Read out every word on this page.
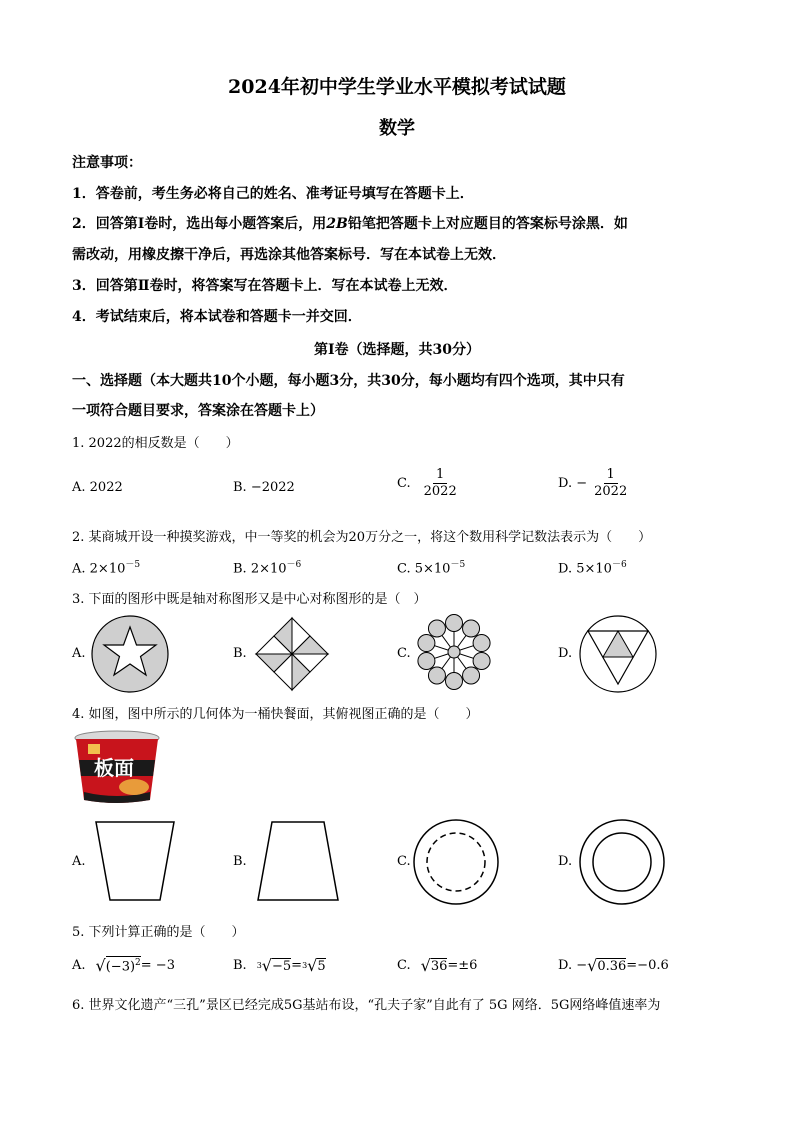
2024年初中学生学业水平模拟考试试题
数学
注意事项：
1．答卷前，考生务必将自己的姓名、准考证号填写在答题卡上．
2．回答第Ⅰ卷时，选出每小题答案后，用2B铅笔把答题卡上对应题目的答案标号涂黑．如
需改动，用橡皮擦干净后，再选涂其他答案标号．写在本试卷上无效．
3．回答第Ⅱ卷时，将答案写在答题卡上．写在本试卷上无效．
4．考试结束后，将本试卷和答题卡一并交回．
第Ⅰ卷（选择题，共30分）
一、选择题（本大题共10个小题，每小题3分，共30分，每小题均有四个选项，其中只有
一项符合题目要求，答案涂在答题卡上）
1. 2022的相反数是（　　）
A. 2022	B. −2022	C. $\frac{1}{2022}$	D. − $\frac{1}{2022}$
2. 某商城开设一种摸奖游戏，中一等奖的机会为20万分之一，将这个数用科学记数法表示为（　　）
A. $2\times 10^{-5}$	B. $2\times 10^{-6}$	C. $5\times 10^{-5}$	D. $5\times 10^{-6}$
3. 下面的图形中既是轴对称图形又是中心对称图形的是（　）
A.	B.	C.	D.
4. 如图，图中所示的几何体为一桶快餐面，其俯视图正确的是（　　）
板面
A.	B.	C.	D.
5. 下列计算正确的是（　　）
A. √ $(-3)^2 = -3$	B. 3 √ −5 = 3 √ 5	C. √ 36 =±6	D. − √ 0.36 =−0.6
6. 世界文化遗产“三孔”景区已经完成5G基站布设，“孔夫子家”自此有了 5G 网络．5G网络峰值速率为
